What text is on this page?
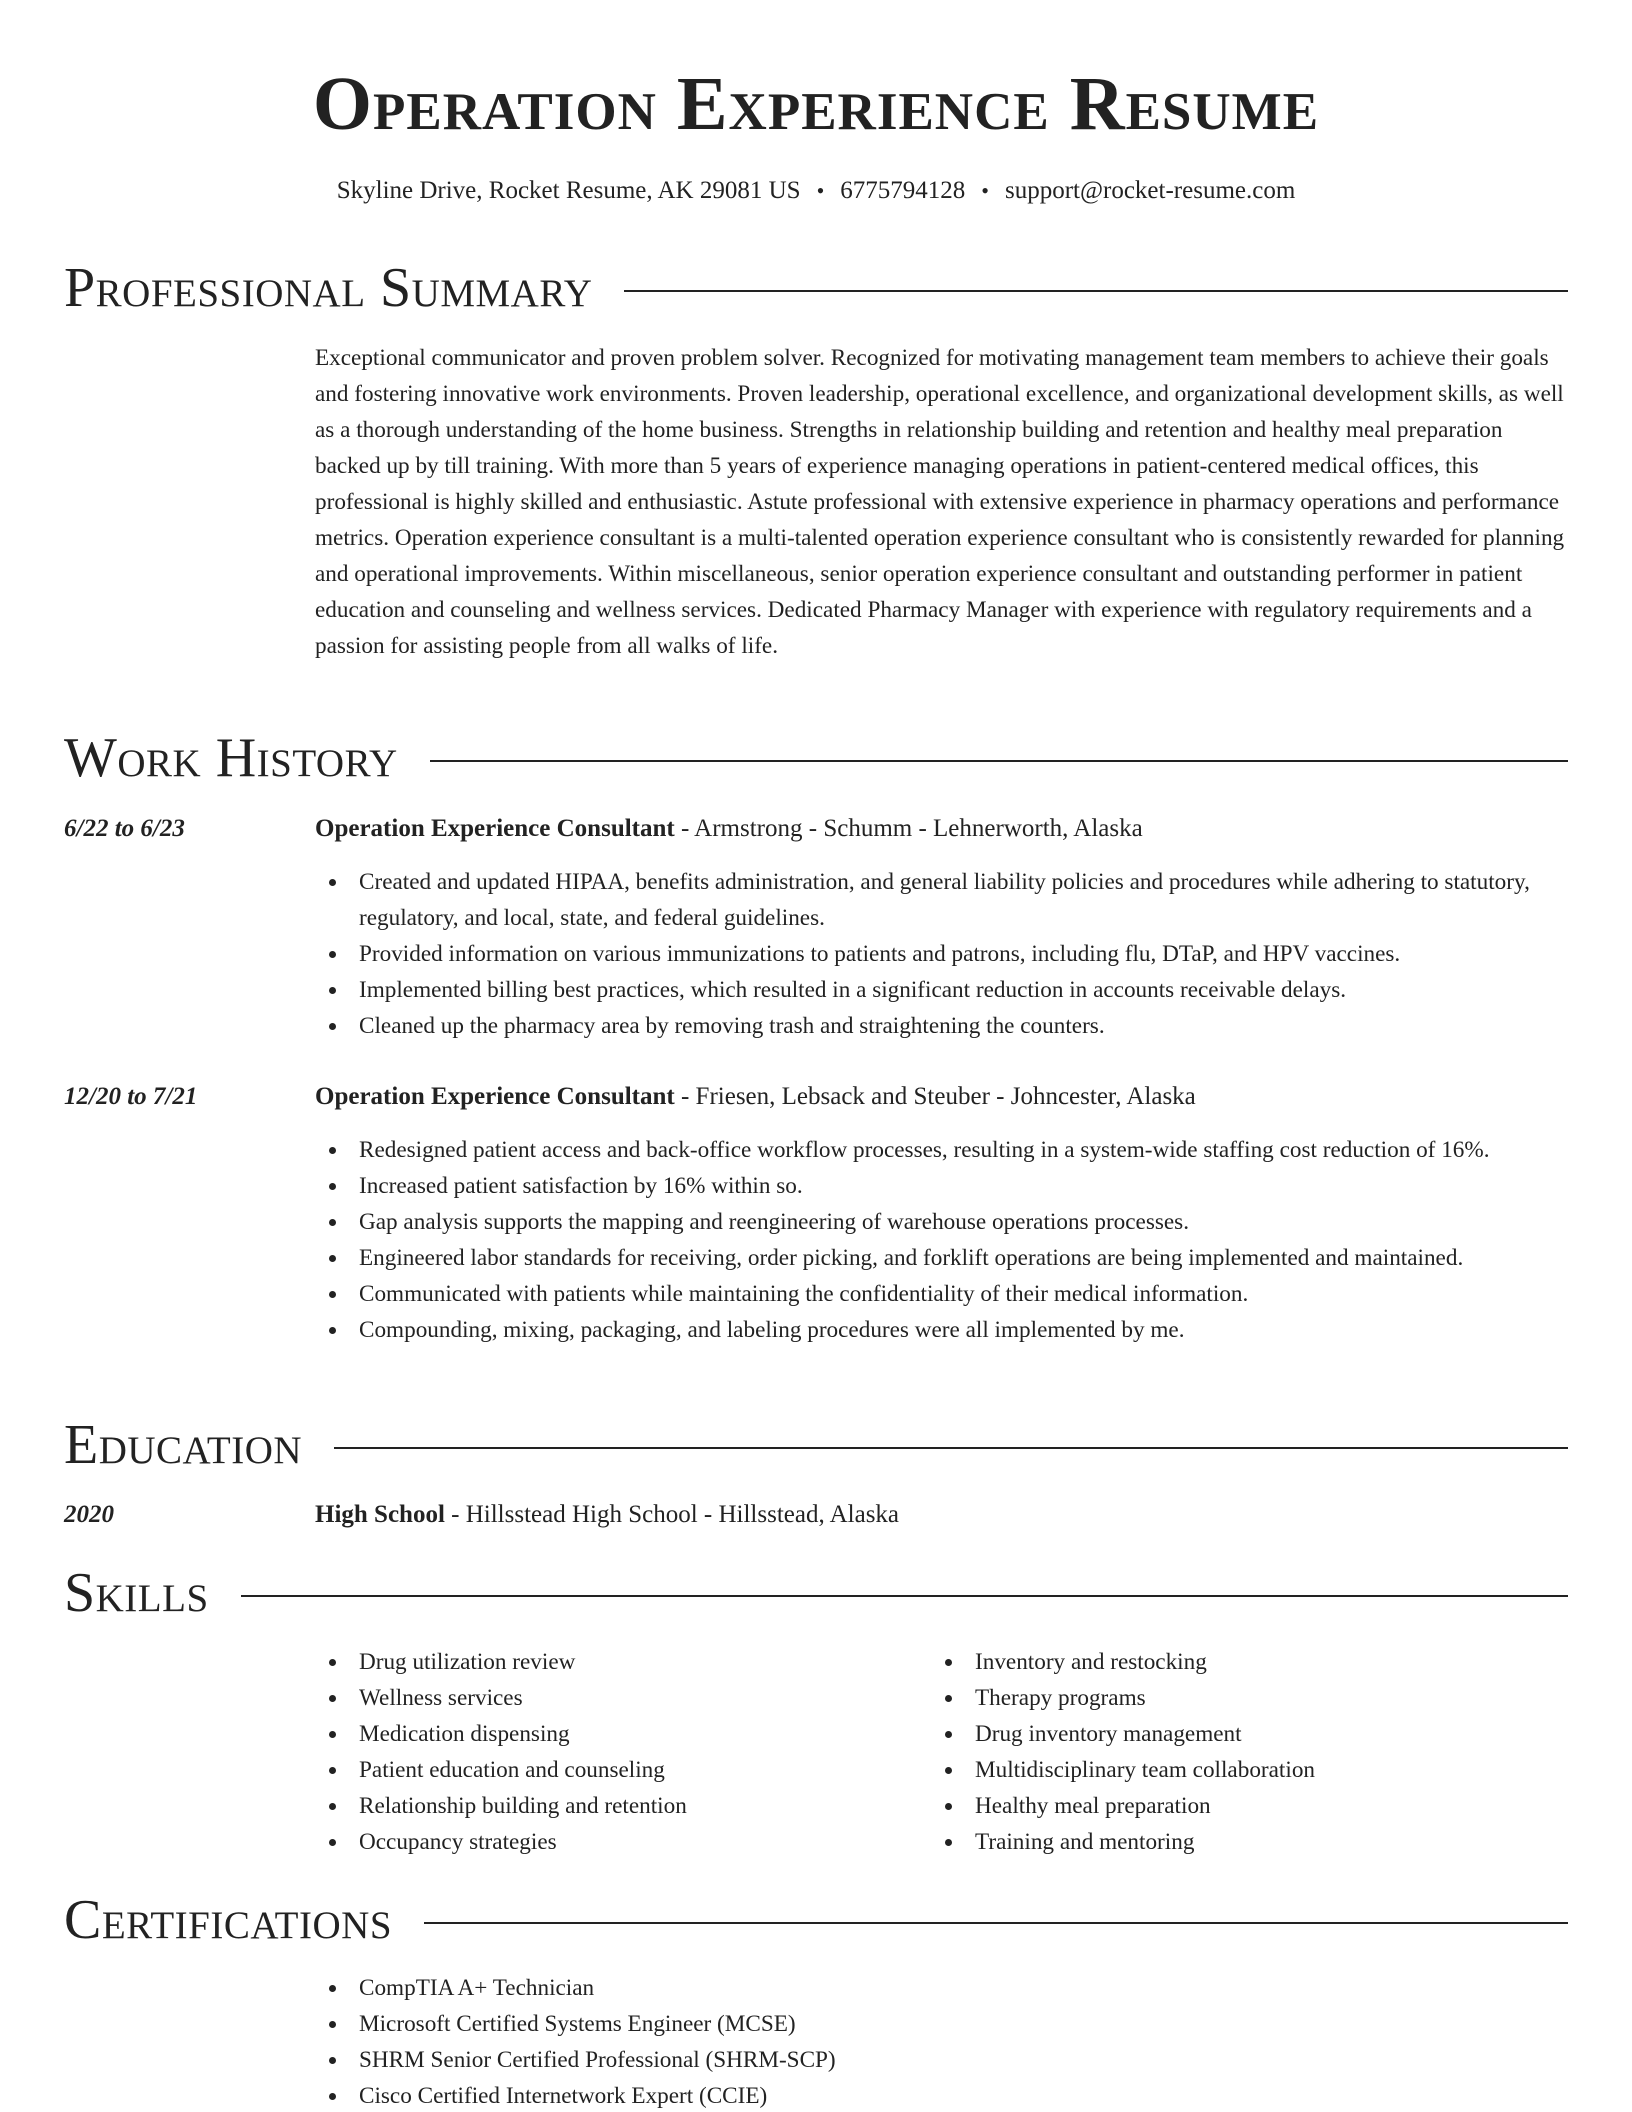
Operation Experience Resume
Skyline Drive, Rocket Resume, AK 29081 US • 6775794128 • support@rocket-resume.com
Professional Summary

Exceptional communicator and proven problem solver. Recognized for motivating management team members to achieve their goals and fostering innovative work environments. Proven leadership, operational excellence, and organizational development skills, as well as a thorough understanding of the home business. Strengths in relationship building and retention and healthy meal preparation backed up by till training. With more than 5 years of experience managing operations in patient-centered medical offices, this professional is highly skilled and enthusiastic. Astute professional with extensive experience in pharmacy operations and performance metrics. Operation experience consultant is a multi-talented operation experience consultant who is consistently rewarded for planning and operational improvements. Within miscellaneous, senior operation experience consultant and outstanding performer in patient education and counseling and wellness services. Dedicated Pharmacy Manager with experience with regulatory requirements and a passion for assisting people from all walks of life.

Work History
6/22 to 6/23	Operation Experience Consultant - Armstrong - Schumm - Lehnerworth, Alaska
Created and updated HIPAA, benefits administration, and general liability policies and procedures while adhering to statutory, regulatory, and local, state, and federal guidelines.
Provided information on various immunizations to patients and patrons, including flu, DTaP, and HPV vaccines.
Implemented billing best practices, which resulted in a significant reduction in accounts receivable delays.
Cleaned up the pharmacy area by removing trash and straightening the counters.
12/20 to 7/21	Operation Experience Consultant - Friesen, Lebsack and Steuber - Johncester, Alaska
Redesigned patient access and back-office workflow processes, resulting in a system-wide staffing cost reduction of 16%.
Increased patient satisfaction by 16% within so.
Gap analysis supports the mapping and reengineering of warehouse operations processes.
Engineered labor standards for receiving, order picking, and forklift operations are being implemented and maintained.
Communicated with patients while maintaining the confidentiality of their medical information.
Compounding, mixing, packaging, and labeling procedures were all implemented by me.
Education
2020	High School - Hillsstead High School - Hillsstead, Alaska
Skills
Drug utilization review
Wellness services
Medication dispensing
Patient education and counseling
Relationship building and retention
Occupancy strategies
Inventory and restocking
Therapy programs
Drug inventory management
Multidisciplinary team collaboration
Healthy meal preparation
Training and mentoring
Certifications
CompTIA A+ Technician
Microsoft Certified Systems Engineer (MCSE)
SHRM Senior Certified Professional (SHRM-SCP)
Cisco Certified Internetwork Expert (CCIE)
